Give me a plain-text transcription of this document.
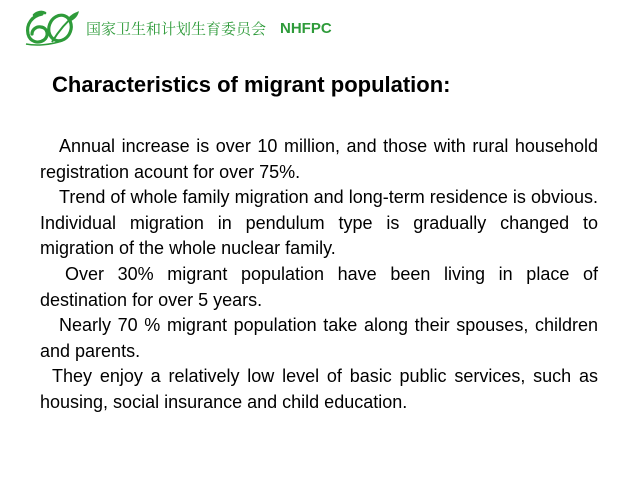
国家卫生和计划生育委员会 NHFPC
Characteristics of migrant population:

Annual increase is over 10 million, and those with rural household registration acount for over 75%.

Trend of whole family migration and long-term residence is obvious. Individual migration in pendulum type is gradually changed to migration of the whole nuclear family.

Over 30% migrant population have been living in place of destination for over 5 years.

Nearly 70 % migrant population take along their spouses, children and parents.

They enjoy a relatively low level of basic public services, such as housing, social insurance and child education.
